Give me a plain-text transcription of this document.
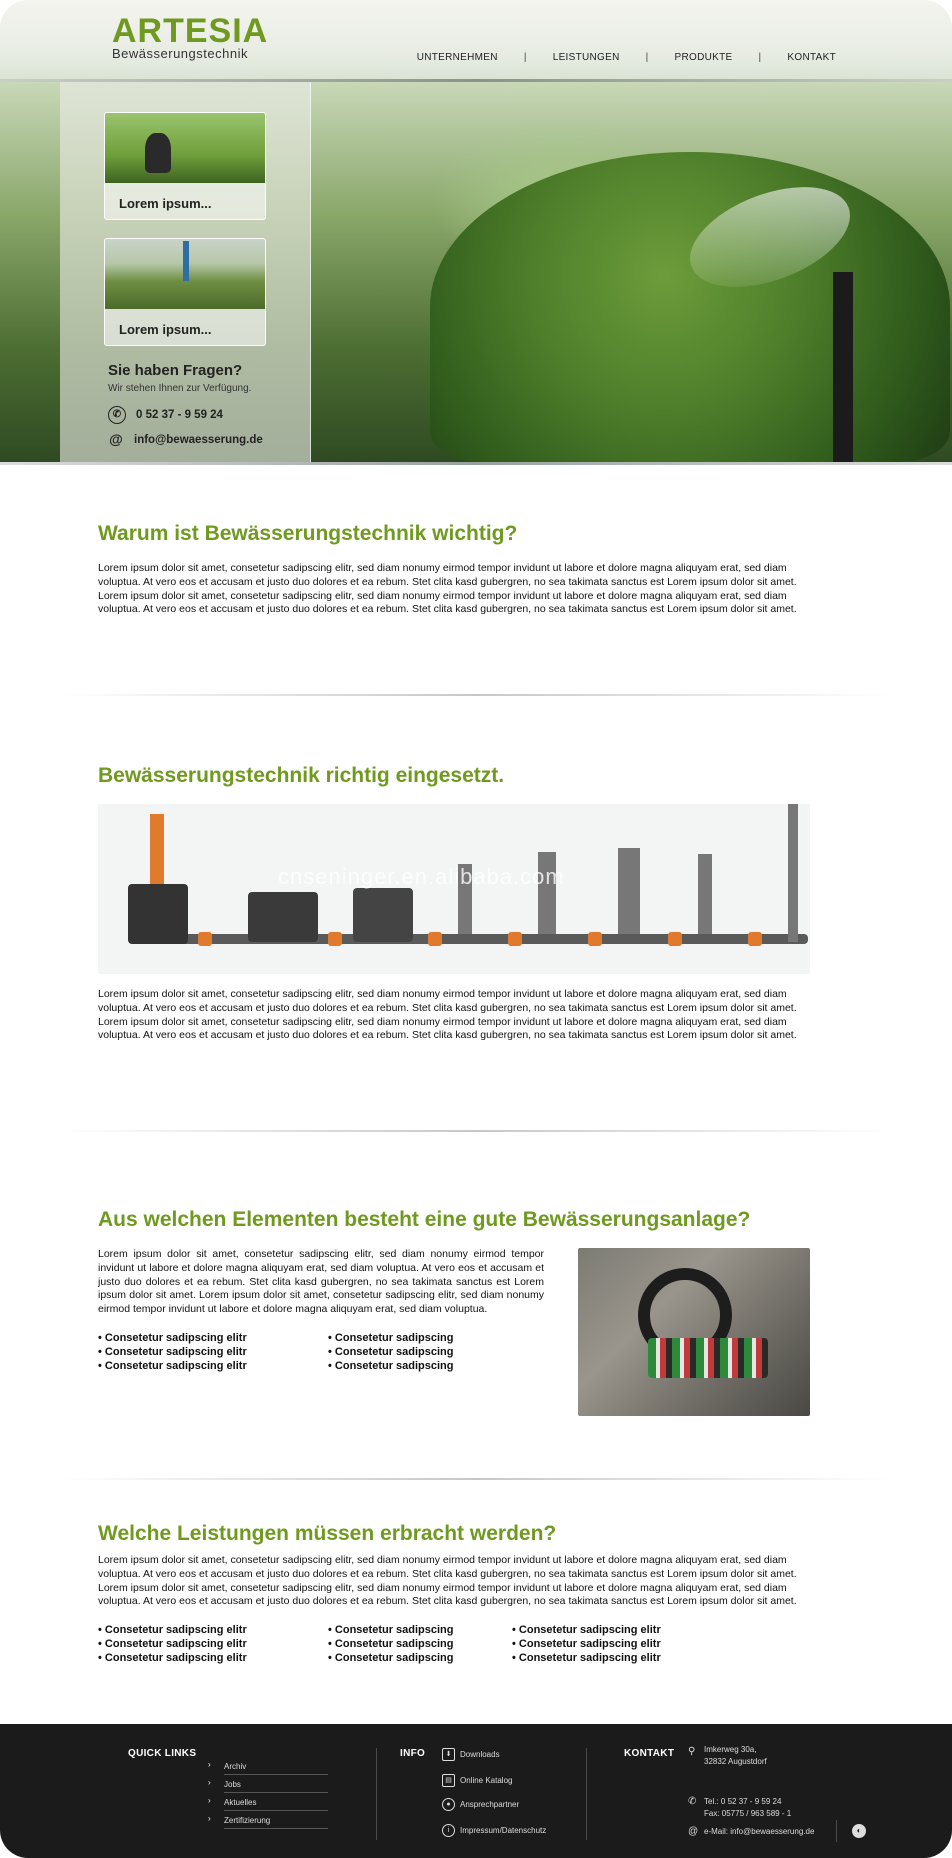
ARTESIA
Bewässerungstechnik	UNTERNEHMEN	|	LEISTUNGEN	|	PRODUKTE	|	KONTAKT
Lorem ipsum...
Lorem ipsum...
Sie haben Fragen?
Wir stehen Ihnen zur Verfügung.
✆	0 52 37 - 9 59 24
@ info@bewaesserung.de
Warum ist Bewässerungstechnik wichtig?
Lorem ipsum dolor sit amet, consetetur sadipscing elitr, sed diam nonumy eirmod tempor invidunt ut labore et dolore magna aliquyam erat, sed diam voluptua. At vero eos et accusam et justo duo dolores et ea rebum. Stet clita kasd gubergren, no sea takimata sanctus est Lorem ipsum dolor sit amet. Lorem ipsum dolor sit amet, consetetur sadipscing elitr, sed diam nonumy eirmod tempor invidunt ut labore et dolore magna aliquyam erat, sed diam voluptua. At vero eos et accusam et justo duo dolores et ea rebum. Stet clita kasd gubergren, no sea takimata sanctus est Lorem ipsum dolor sit amet.
Bewässerungstechnik richtig eingesetzt.
cnseninger.en.alibaba.com
Lorem ipsum dolor sit amet, consetetur sadipscing elitr, sed diam nonumy eirmod tempor invidunt ut labore et dolore magna aliquyam erat, sed diam voluptua. At vero eos et accusam et justo duo dolores et ea rebum. Stet clita kasd gubergren, no sea takimata sanctus est Lorem ipsum dolor sit amet. Lorem ipsum dolor sit amet, consetetur sadipscing elitr, sed diam nonumy eirmod tempor invidunt ut labore et dolore magna aliquyam erat, sed diam voluptua. At vero eos et accusam et justo duo dolores et ea rebum. Stet clita kasd gubergren, no sea takimata sanctus est Lorem ipsum dolor sit amet.
Aus welchen Elementen besteht eine gute Bewässerungsanlage?
Lorem ipsum dolor sit amet, consetetur sadipscing elitr, sed diam nonumy eirmod tempor invidunt ut labore et dolore magna aliquyam erat, sed diam voluptua. At vero eos et accusam et justo duo dolores et ea rebum. Stet clita kasd gubergren, no sea takimata sanctus est Lorem ipsum dolor sit amet. Lorem ipsum dolor sit amet, consetetur sadipscing elitr, sed diam nonumy eirmod tempor invidunt ut labore et dolore magna aliquyam erat, sed diam voluptua.
• Consetetur sadipscing elitr
• Consetetur sadipscing elitr
• Consetetur sadipscing elitr
• Consetetur sadipscing
• Consetetur sadipscing
• Consetetur sadipscing
Welche Leistungen müssen erbracht werden?
Lorem ipsum dolor sit amet, consetetur sadipscing elitr, sed diam nonumy eirmod tempor invidunt ut labore et dolore magna aliquyam erat, sed diam voluptua. At vero eos et accusam et justo duo dolores et ea rebum. Stet clita kasd gubergren, no sea takimata sanctus est Lorem ipsum dolor sit amet. Lorem ipsum dolor sit amet, consetetur sadipscing elitr, sed diam nonumy eirmod tempor invidunt ut labore et dolore magna aliquyam erat, sed diam voluptua. At vero eos et accusam et justo duo dolores et ea rebum. Stet clita kasd gubergren, no sea takimata sanctus est Lorem ipsum dolor sit amet.
• Consetetur sadipscing elitr
• Consetetur sadipscing elitr
• Consetetur sadipscing elitr
• Consetetur sadipscing
• Consetetur sadipscing
• Consetetur sadipscing
• Consetetur sadipscing elitr
• Consetetur sadipscing elitr
• Consetetur sadipscing elitr
QUICK LINKS
› Archiv
› Jobs
› Aktuelles
› Zertifizierung
INFO	⬇	Downloads
▤	Online Katalog
●	Ansprechpartner
i	Impressum/Datenschutz
KONTAKT ⚲ Imkerweg 30a,
32832 Augustdorf
✆ Tel.: 0 52 37 - 9 59 24
Fax: 05775 / 963 589 - 1
@ e-Mail: info@bewaesserung.de	◐
